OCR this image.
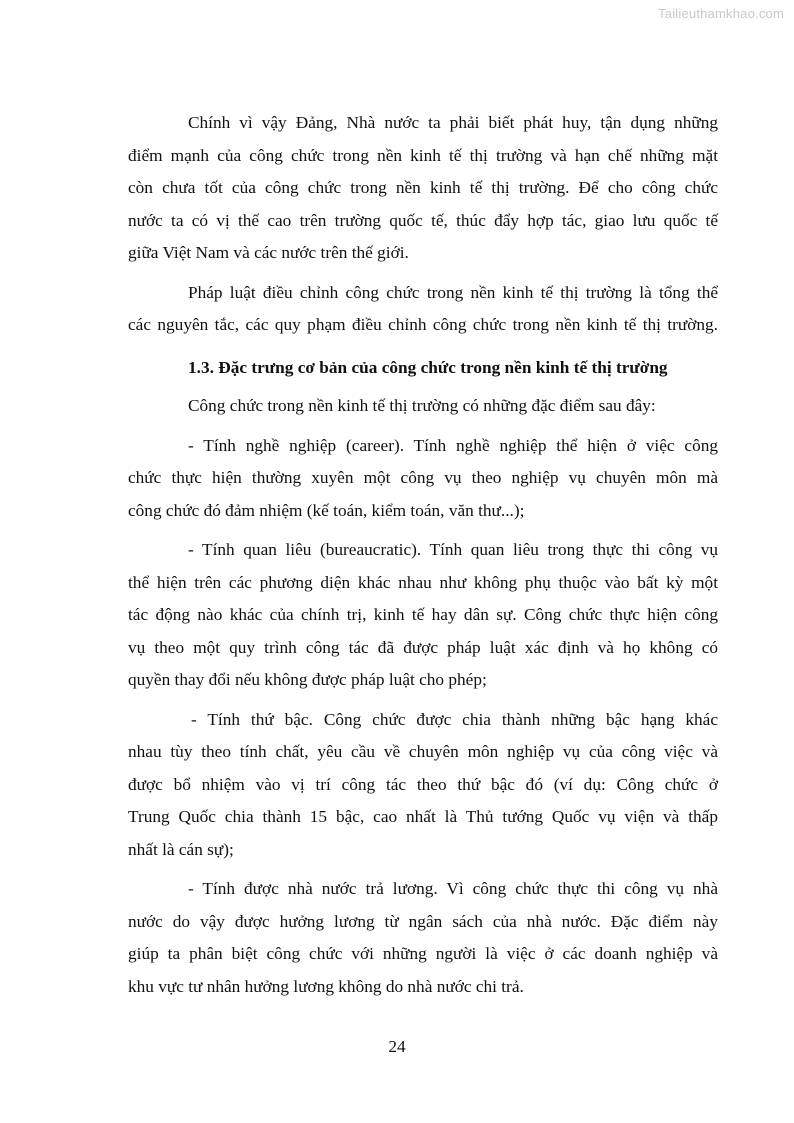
Tailieuthamkhao.com

Chính vì vậy Đảng, Nhà nước ta phải biết phát huy, tận dụng những
điểm mạnh của công chức trong nền kinh tế thị trường và hạn chế những mặt
còn chưa tốt của công chức trong nền kinh tế thị trường. Để cho công chức
nước ta có vị thế cao trên trường quốc tế, thúc đẩy hợp tác, giao lưu quốc tế
giữa Việt Nam và các nước trên thế giới.

Pháp luật điều chỉnh công chức trong nền kinh tế thị trường là tổng thể
các nguyên tắc, các quy phạm điều chỉnh công chức trong nền kinh tế thị trường.

1.3. Đặc trưng cơ bản của công chức trong nền kinh tế thị trường

Công chức trong nền kinh tế thị trường có những đặc điểm sau đây:

- Tính nghề nghiệp (career). Tính nghề nghiệp thể hiện ở việc công
chức thực hiện thường xuyên một công vụ theo nghiệp vụ chuyên môn mà
công chức đó đảm nhiệm (kế toán, kiểm toán, văn thư...);

- Tính quan liêu (bureaucratic). Tính quan liêu trong thực thi công vụ
thể hiện trên các phương diện khác nhau như không phụ thuộc vào bất kỳ một
tác động nào khác của chính trị, kinh tế hay dân sự. Công chức thực hiện công
vụ theo một quy trình công tác đã được pháp luật xác định và họ không có
quyền thay đổi nếu không được pháp luật cho phép;

- Tính thứ bậc. Công chức được chia thành những bậc hạng khác
nhau tùy theo tính chất, yêu cầu về chuyên môn nghiệp vụ của công việc và
được bổ nhiệm vào vị trí công tác theo thứ bậc đó (ví dụ: Công chức ở
Trung Quốc chia thành 15 bậc, cao nhất là Thủ tướng Quốc vụ viện và thấp
nhất là cán sự);

- Tính được nhà nước trả lương. Vì công chức thực thi công vụ nhà
nước do vậy được hưởng lương từ ngân sách của nhà nước. Đặc điểm này
giúp ta phân biệt công chức với những người là việc ở các doanh nghiệp và
khu vực tư nhân hưởng lương không do nhà nước chi trả.

24
